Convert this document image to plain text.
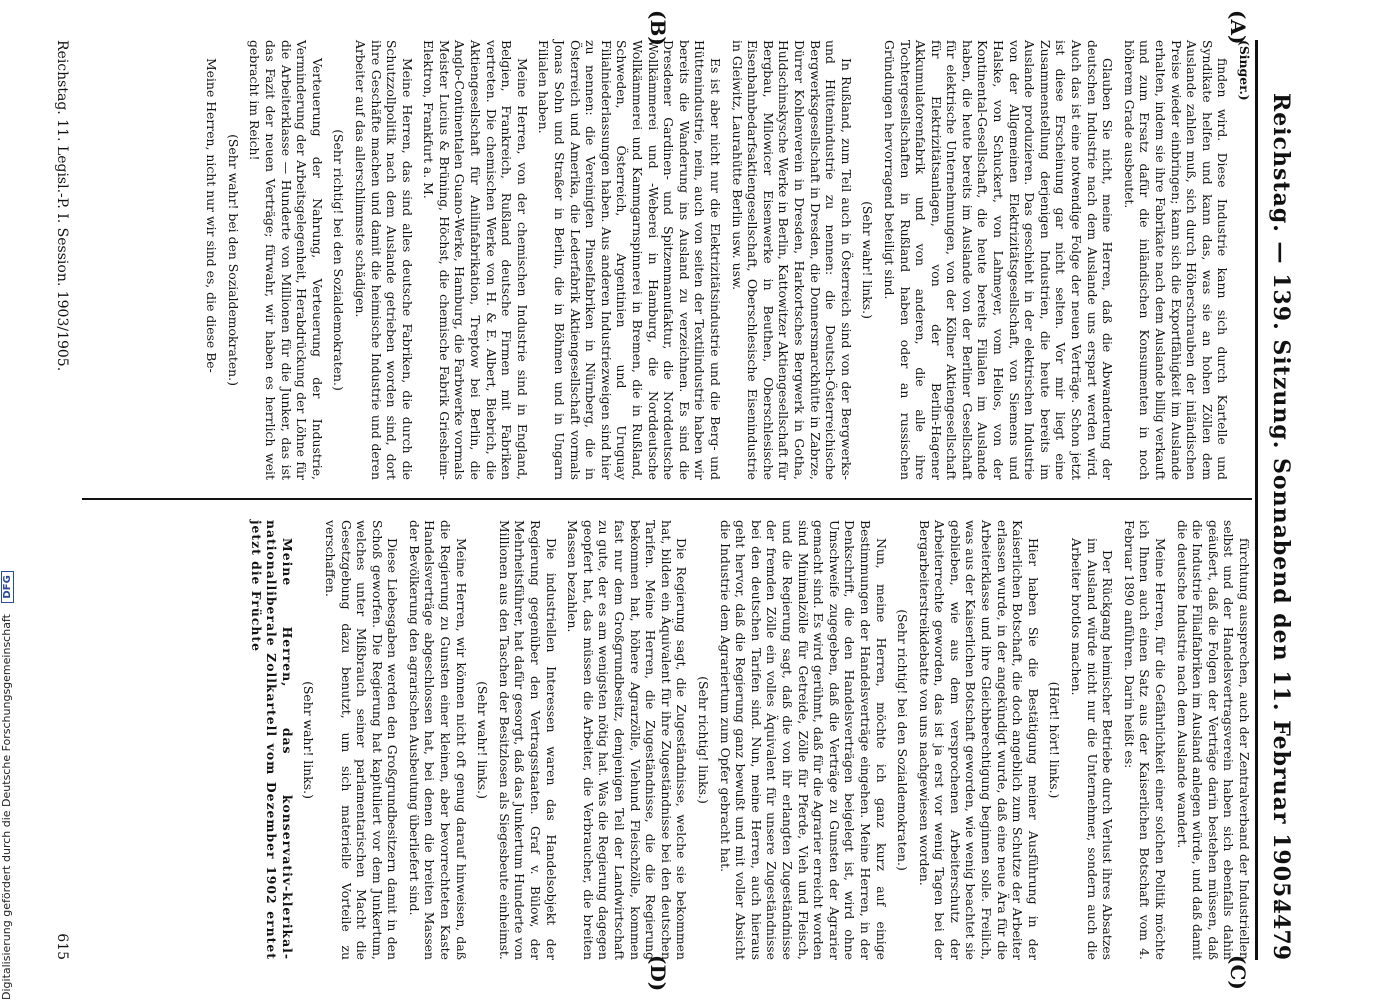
Reichstag. — 139. Sitzung. Sonnabend den 11. Februar 1905.
4479
(A)
(B)
(C)
(D)

(Singer.)

finden wird. Diese Industrie kann sich durch Kartelle und Syndikate helfen und kann das, was sie an hohen Zöllen dem Auslande zahlen muß, sich durch Höherschrauben der inländischen Preise wieder einbringen; kann sich die Exportfähigkeit im Auslande erhalten, indem sie ihre Fabrikate nach dem Auslande billig verkauft und zum Ersatz dafür die inländischen Konsumenten in noch höherem Grade ausbeutet.

Glauben Sie nicht, meine Herren, daß die Abwanderung der deutschen Industrie nach dem Auslande uns erspart werden wird. Auch das ist eine notwendige Folge der neuen Verträge. Schon jetzt ist diese Erscheinung gar nicht selten. Vor mir liegt eine Zusammenstellung derjenigen Industrien, die heute bereits im Auslande produzieren. Das geschieht in der elektrischen Industrie von der Allgemeinen Elektrizitätsgesellschaft, von Siemens und Halske, von Schuckert, von Lahmeyer, vom Helios, von der Kontinental-Gesellschaft, die heute bereits Filialen im Auslande haben, die heute bereits im Auslande von der Berliner Gesellschaft für elektrische Unternehmungen, von der Kölner Aktiengesellschaft für Elektrizitätsanlagen, von der Berlin-Hagener Akkumulatorenfabrik und von anderen, die alle ihre Tochtergesellschaften in Rußland haben oder an russischen Gründungen hervorragend beteiligt sind.

(Sehr wahr! links.)

In Rußland, zum Teil auch in Österreich sind von der Bergwerks- und Hüttenindustrie zu nennen: die Deutsch-Österreichische Bergwerksgesellschaft in Dresden, die Donnersmarckhütte in Zabrze, Dürrer Kohlenverein in Dresden, Harkortsches Bergwerk in Gotha, Huldschinskysche Werke in Berlin, Kattowitzer Aktiengesellschaft für Bergbau, Milowicer Eisenwerke in Beuthen, Oberschlesische Eisenbahnbedarfsaktiengesellschaft, Oberschlesische Eisenindustrie in Gleiwitz, Laurahütte Berlin usw. usw.

Es ist aber nicht nur die Elektrizitätsindustrie und die Berg- und Hüttenindustrie, nein, auch von seiten der Textilindustrie haben wir bereits die Wanderung ins Ausland zu verzeichnen. Es sind die Dresdener Gardinen- und Spitzenmanufaktur, die Norddeutsche Wollkämmerei und -Weberei in Hamburg, die Norddeutsche Wollkämmerei und Kammgarnspinnerei in Bremen, die in Rußland, Schweden, Österreich, Argentinien und Uruguay Filialniederlassungen haben. Aus anderen Industriezweigen sind hier zu nennen: die Vereinigten Pinselfabriken in Nürnberg, die in Österreich und Amerika, die Lederfabrik Aktiengesellschaft vormals Jonas Sohn und Straßer in Berlin, die in Böhmen und in Ungarn Filialen haben.

Meine Herren, von der chemischen Industrie sind in England, Belgien, Frankreich, Rußland deutsche Firmen mit Fabriken vertreten. Die chemischen Werke von H. & E. Albert, Biebrich, die Aktiengesellschaft für Anilinfabrikation, Treptow bei Berlin, die Anglo-Continentalen Guano-Werke, Hamburg, die Farbwerke vormals Meister Lucius & Brüning, Höchst, die chemische Fabrik Griesheim-Elektron, Frankfurt a. M.

Meine Herren, das sind alles deutsche Fabriken, die durch die Schutzzollpolitik nach dem Auslande getrieben worden sind, dort ihre Geschäfte machen und damit die heimische Industrie und deren Arbeiter auf das allerschlimmste schädigen.

(Sehr richtig! bei den Sozialdemokraten.)

Verteuerung der Nahrung, Verteuerung der Industrie, Verminderung der Arbeitsgelegenheit, Herabdrückung der Löhne für die Arbeiterklasse — Hunderte von Millionen für die Junker, das ist das Fazit der neuen Verträge; fürwahr, wir haben es herrlich weit gebracht im Reich!

(Sehr wahr! bei den Sozialdemokraten.)

Meine Herren, nicht nur wir sind es, die diese Be-

fürchtung aussprechen, auch der Zentralverband der Industriellen selbst und der Handelsvertragsverein haben sich ebenfalls dahin geäußert, daß die Folgen der Verträge darin bestehen müssen, daß die Industrie Filialfabriken im Ausland anlegen würde, und daß damit die deutsche Industrie nach dem Auslande wandert.

Meine Herren, für die Gefährlichkeit einer solchen Politik möchte ich Ihnen auch einen Satz aus der Kaiserlichen Botschaft vom 4. Februar 1890 anführen. Darin heißt es:

Der Rückgang heimischer Betriebe durch Verlust ihres Absatzes im Ausland würde nicht nur die Unternehmer, sondern auch die Arbeiter brotlos machen.

(Hört! hört! links.)

Hier haben Sie die Bestätigung meiner Ausführung in der Kaiserlichen Botschaft, die doch angeblich zum Schutze der Arbeiter erlassen wurde, in der angekündigt wurde, daß eine neue Ära für die Arbeiterklasse und ihre Gleichberechtigung beginnen solle. Freilich, was aus der Kaiserlichen Botschaft geworden, wie wenig beachtet sie geblieben, wie aus dem versprochenen Arbeiterschutz der Arbeiterrechte geworden, das ist ja erst vor wenig Tagen bei der Bergarbeiterstreikdebatte von uns nachgewiesen worden.

(Sehr richtig! bei den Sozialdemokraten.)

Nun, meine Herren, möchte ich ganz kurz auf einige Bestimmungen der Handelsverträge eingehen. Meine Herren, in der Denkschrift, die den Handelsverträgen beigelegt ist, wird ohne Umschweife zugegeben, daß die Verträge zu Gunsten der Agrarier gemacht sind. Es wird gerühmt, daß für die Agrarier erreicht worden sind Minimalzölle für Getreide, Zölle für Pferde, Vieh und Fleisch, und die Regierung sagt, daß die von ihr erlangten Zugeständnisse der fremden Zölle ein volles Äquivalent für unsere Zugeständnisse bei den deutschen Tarifen sind. Nun, meine Herren, auch hieraus geht hervor, daß die Regierung ganz bewußt und mit voller Absicht die Industrie dem Agrariertum zum Opfer gebracht hat.

(Sehr richtig! links.)

Die Regierung sagt, die Zugeständnisse, welche sie bekommen hat, bilden ein Äquivalent für ihre Zugeständnisse bei den deutschen Tarifen. Meine Herren, die Zugeständnisse, die die Regierung bekommen hat, höhere Agrarzölle, Viehund Fleischzölle, kommen fast nur dem Großgrundbesitz, demjenigen Teil der Landwirtschaft zu gute, der es am wenigsten nötig hat. Was die Regierung dagegen geopfert hat, das müssen die Arbeiter, die Verbraucher, die breiten Massen bezahlen.

Die industriellen Interessen waren das Handelsobjekt der Regierung gegenüber den Vertragsstaaten. Graf v. Bülow, der Mehrheitsführer, hat dafür gesorgt, daß das Junkertum Hunderte von Millionen aus den Taschen der Besitzlosen als Siegesbeute einheimst.

(Sehr wahr! links.)

Meine Herren, wir können nicht oft genug darauf hinweisen, daß die Regierung zu Gunsten einer kleinen, aber bevorrechteten Kaste Handelsverträge abgeschlossen hat, bei denen die breiten Massen der Bevölkerung den agrarischen Ausbeutung überliefert sind.

Diese Liebesgaben werden den Großgrundbesitzern damit in den Schoß geworfen. Die Regierung hat kapituliert vor dem Junkertum, welches unter Mißbrauch seiner parlamentarischen Macht die Gesetzgebung dazu benutzt, um sich materielle Vorteile zu verschaffen.

(Sehr wahr! links.)

Meine Herren, das konservativ-klerikal-nationalliberale Zollkartell vom Dezember 1902 erntet jetzt die Früchte

Reichstag. 11. Legisl.-P. I. Session. 1903/1905.
615
Digitalisierung gefördert durch die Deutsche Forschungsgemeinschaft DFG
